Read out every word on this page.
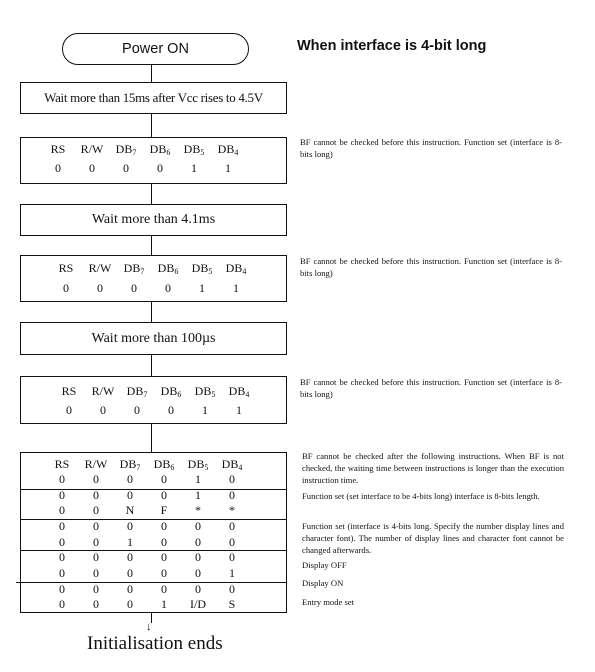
Power ON	When interface is 4-bit long
Wait more than 15ms after Vcc rises to 4.5V
BF cannot be checked before this instruction. Function set (interface is 8-bits long)
Wait more than 4.1ms
BF cannot be checked before this instruction. Function set (interface is 8-bits long)
Wait more than 100µs
BF cannot be checked before this instruction. Function set (interface is 8-bits long)
BF cannot be checked after the following instructions. When BF is not checked, the waiting time between instructions is longer than the execution instruction time.
Function set (set interface to be 4-bits long) interface is 8-bits length.
Function set (interface is 4-bits long. Specify the number display lines and character font). The number of display lines and character font cannot be changed afterwards.
Display OFF
Display ON
Entry mode set
↓
Initialisation ends
RS	R/W	$DB_7$	$DB_6$	$DB_5$	$DB_4$
0	0	0	0	1	1
RS	R/W	$DB_7$	$DB_6$	$DB_5$	$DB_4$
0	0	0	0	1	1
RS	R/W	$DB_7$	$DB_6$	$DB_5$	$DB_4$
0	0	0	0	1	1
RS	R/W	$DB_7$	$DB_6$	$DB_5$	$DB_4$
0	0	0	0	1	0
0	0	0	0	1	0
0	0	N	F	*	*
0	0	0	0	0	0
0	0	1	0	0	0
0	0	0	0	0	0
0	0	0	0	0	1
0	0	0	0	0	0
0	0	0	1	I/D	S
